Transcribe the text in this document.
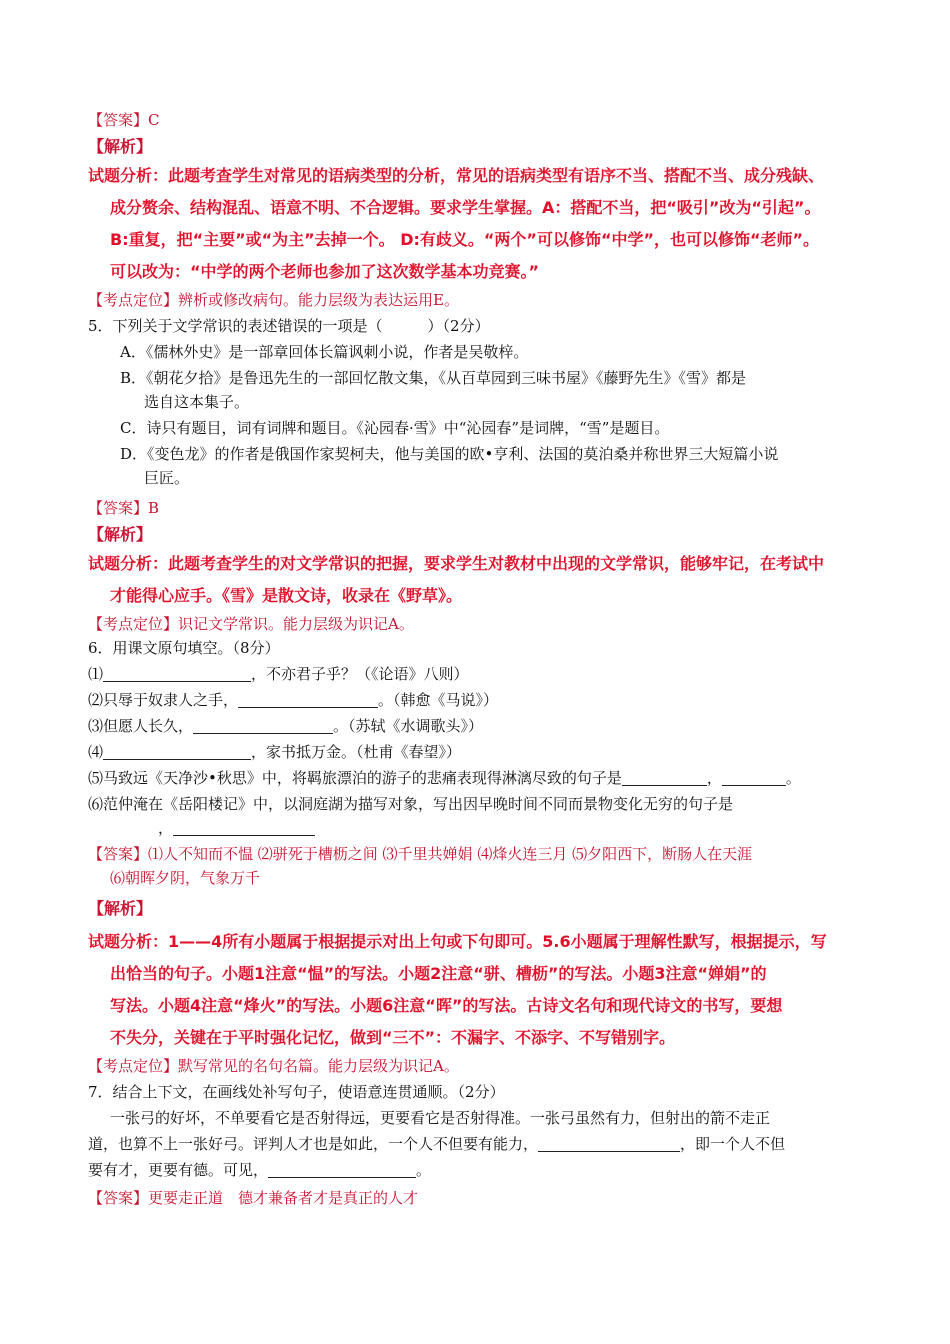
【答案】C
【解析】
试题分析：此题考查学生对常见的语病类型的分析，常见的语病类型有语序不当、搭配不当、成分残缺、
成分赘余、结构混乱、语意不明、不合逻辑。要求学生掌握。A：搭配不当，把“吸引”改为“引起”。
B:重复，把“主要”或“为主”去掉一个。 D:有歧义。“两个”可以修饰“中学”，也可以修饰“老师”。
可以改为：“中学的两个老师也参加了这次数学基本功竞赛。”
【考点定位】辨析或修改病句。能力层级为表达运用E。
5．下列关于文学常识的表述错误的一项是（　　　）（2分）
A．《儒林外史》是一部章回体长篇讽刺小说，作者是吴敬梓。
B．《朝花夕拾》是鲁迅先生的一部回忆散文集，《从百草园到三味书屋》《藤野先生》《雪》都是
选自这本集子。
C．诗只有题目，词有词牌和题目。《沁园春·雪》中“沁园春”是词牌，“雪”是题目。
D．《变色龙》的作者是俄国作家契柯夫，他与美国的欧•亨利、法国的莫泊桑并称世界三大短篇小说
巨匠。
【答案】B
【解析】
试题分析：此题考查学生的对文学常识的把握，要求学生对教材中出现的文学常识，能够牢记，在考试中
才能得心应手。《雪》是散文诗，收录在《野草》。
【考点定位】识记文学常识。能力层级为识记A。
6．用课文原句填空。（8分）
⑴	，不亦君子乎？（《论语》八则）
⑵只辱于奴隶人之手，	。（韩愈《马说》）
⑶但愿人长久，	。（苏轼《水调歌头》）
⑷	，家书抵万金。（杜甫《春望》）
⑸马致远《天净沙•秋思》中，将羁旅漂泊的游子的悲痛表现得淋漓尽致的句子是	，	。
⑹范仲淹在《岳阳楼记》中，以洞庭湖为描写对象，写出因早晚时间不同而景物变化无穷的句子是
，
【答案】⑴人不知而不愠 ⑵骈死于槽枥之间 ⑶千里共婵娟 ⑷烽火连三月 ⑸夕阳西下，断肠人在天涯
⑹朝晖夕阴，气象万千
【解析】
试题分析：1——4所有小题属于根据提示对出上句或下句即可。5.6小题属于理解性默写，根据提示，写
出恰当的句子。小题1注意“愠”的写法。小题2注意“骈、槽枥”的写法。小题3注意“婵娟”的
写法。小题4注意“烽火”的写法。小题6注意“晖”的写法。古诗文名句和现代诗文的书写，要想
不失分，关键在于平时强化记忆，做到“三不”：不漏字、不添字、不写错别字。
【考点定位】默写常见的名句名篇。能力层级为识记A。
7．结合上下文，在画线处补写句子，使语意连贯通顺。（2分）
一张弓的好坏，不单要看它是否射得远，更要看它是否射得准。一张弓虽然有力，但射出的箭不走正
道，也算不上一张好弓。评判人才也是如此，一个人不但要有能力，	，即一个人不但
要有才，更要有德。可见，	。
【答案】更要走正道　德才兼备者才是真正的人才
